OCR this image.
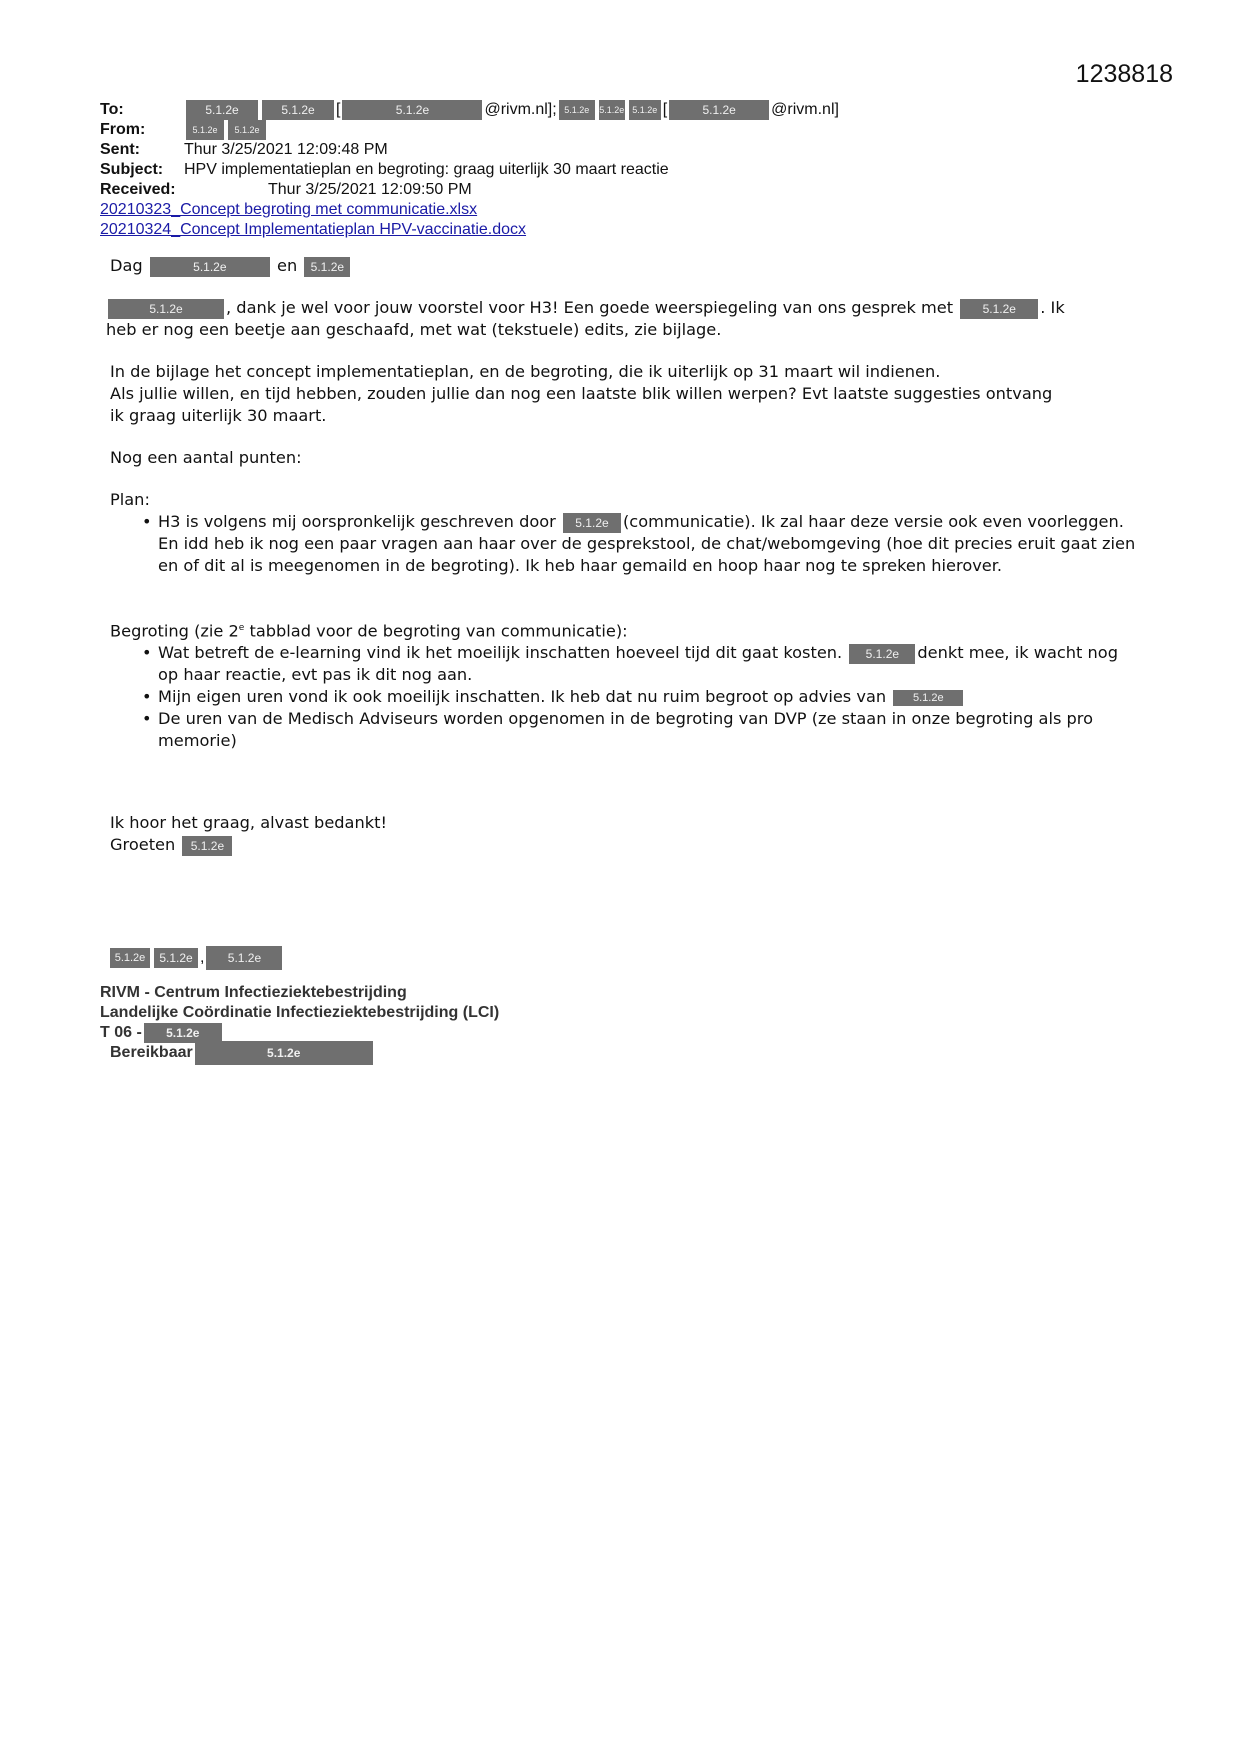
1238818
To:	5.1.2e	5.1.2e	[	5.1.2e	@rivm.nl]; 5.1.2e	5.1.2e 5.1.2e [	5.1.2e	@rivm.nl]
From:	5.1.2e	5.1.2e
Sent:	Thur 3/25/2021 12:09:48 PM
Subject:	HPV implementatieplan en begroting: graag uiterlijk 30 maart reactie
Received:	Thur 3/25/2021 12:09:50 PM
20210323_Concept begroting met communicatie.xlsx
20210324_Concept Implementatieplan HPV-vaccinatie.docx

Dag	5.1.2e	en 5.1.2e

5.1.2e	, dank je wel voor jouw voorstel voor H3! Een goede weerspiegeling van ons gesprek met 5.1.2e . Ik
heb er nog een beetje aan geschaafd, met wat (tekstuele) edits, zie bijlage.

In de bijlage het concept implementatieplan, en de begroting, die ik uiterlijk op 31 maart wil indienen.
Als jullie willen, en tijd hebben, zouden jullie dan nog een laatste blik willen werpen? Evt laatste suggesties ontvang
ik graag uiterlijk 30 maart.

Nog een aantal punten:

Plan:

• H3 is volgens mij oorspronkelijk geschreven door 5.1.2e (communicatie). Ik zal haar deze versie ook even voorleggen. En idd heb ik nog een paar vragen aan haar over de gesprekstool, de chat/webomgeving (hoe dit precies eruit gaat zien en of dit al is meegenomen in de begroting). Ik heb haar gemaild en hoop haar nog te spreken hierover.

Begroting (zie 2e tabblad voor de begroting van communicatie):

• Wat betreft de e-learning vind ik het moeilijk inschatten hoeveel tijd dit gaat kosten. 5.1.2e denkt mee, ik wacht nog op haar reactie, evt pas ik dit nog aan.
• Mijn eigen uren vond ik ook moeilijk inschatten. Ik heb dat nu ruim begroot op advies van 5.1.2e
• De uren van de Medisch Adviseurs worden opgenomen in de begroting van DVP (ze staan in onze begroting als pro memorie)

Ik hoor het graag, alvast bedankt!

Groeten 5.1.2e

5.1.2e	5.1.2e ,	5.1.2e
RIVM - Centrum Infectieziektebestrijding
Landelijke Coördinatie Infectieziektebestrijding (LCI)
T 06 -	5.1.2e
Bereikbaar	5.1.2e
